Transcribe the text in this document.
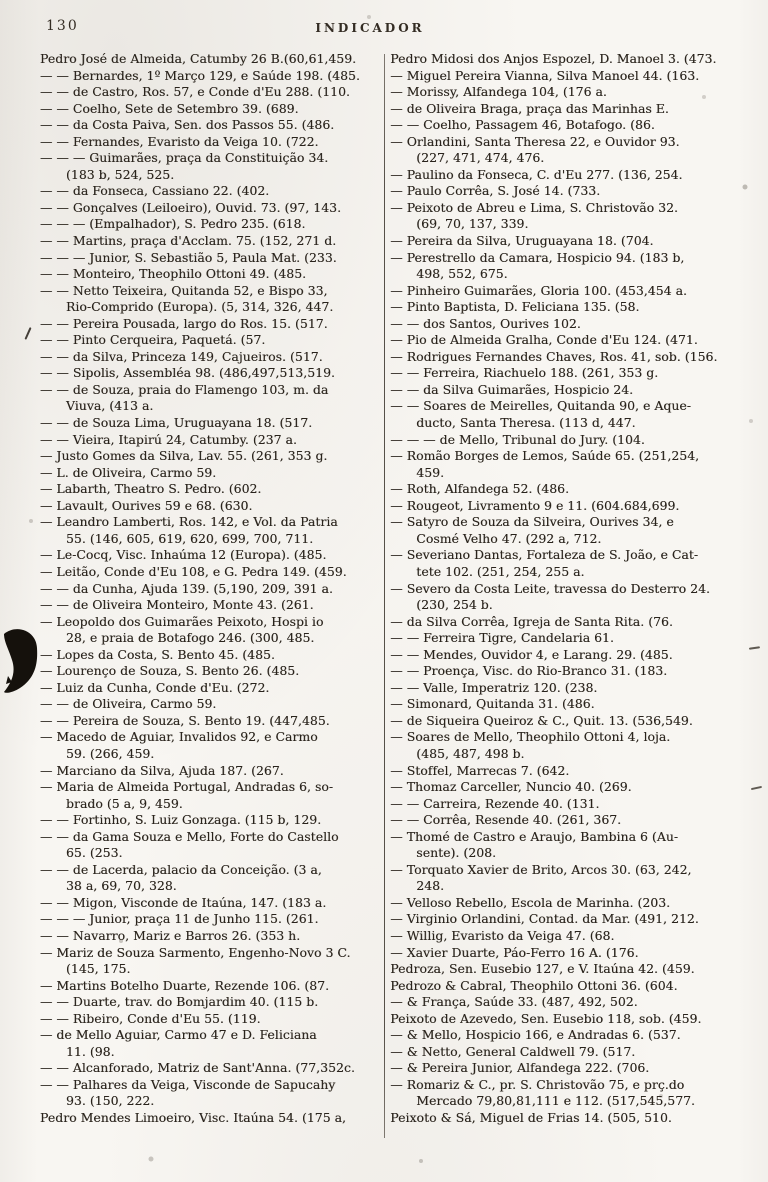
130	INDICADOR
Pedro José de Almeida, Catumby 26 B.(60,61,459.
— — Bernardes, 1º Março 129, e Saúde 198. (485.
— — de Castro, Ros. 57, e Conde d'Eu 288. (110.
— — Coelho, Sete de Setembro 39. (689.
— — da Costa Paiva, Sen. dos Passos 55. (486.
— — Fernandes, Evaristo da Veiga 10. (722.
— — — Guimarães, praça da Constituição 34.
(183 b, 524, 525.
— — da Fonseca, Cassiano 22. (402.
— — Gonçalves (Leiloeiro), Ouvid. 73. (97, 143.
— — — (Empalhador), S. Pedro 235. (618.
— — Martins, praça d'Acclam. 75. (152, 271 d.
— — — Junior, S. Sebastião 5, Paula Mat. (233.
— — Monteiro, Theophilo Ottoni 49. (485.
— — Netto Teixeira, Quitanda 52, e Bispo 33,
Rio-Comprido (Europa). (5, 314, 326, 447.
— — Pereira Pousada, largo do Ros. 15. (517.
— — Pinto Cerqueira, Paquetá. (57.
— — da Silva, Princeza 149, Cajueiros. (517.
— — Sipolis, Assembléa 98. (486,497,513,519.
— — de Souza, praia do Flamengo 103, m. da
Viuva, (413 a.
— — de Souza Lima, Uruguayana 18. (517.
— — Vieira, Itapirú 24, Catumby. (237 a.
— Justo Gomes da Silva, Lav. 55. (261, 353 g.
— L. de Oliveira, Carmo 59.
— Labarth, Theatro S. Pedro. (602.
— Lavault, Ourives 59 e 68. (630.
— Leandro Lamberti, Ros. 142, e Vol. da Patria
55. (146, 605, 619, 620, 699, 700, 711.
— Le-Cocq, Visc. Inhaúma 12 (Europa). (485.
— Leitão, Conde d'Eu 108, e G. Pedra 149. (459.
— — da Cunha, Ajuda 139. (5,190, 209, 391 a.
— — de Oliveira Monteiro, Monte 43. (261.
— Leopoldo dos Guimarães Peixoto, Hospi io
28, e praia de Botafogo 246. (300, 485.
— Lopes da Costa, S. Bento 45. (485.
— Lourenço de Souza, S. Bento 26. (485.
— Luiz da Cunha, Conde d'Eu. (272.
— — de Oliveira, Carmo 59.
— — Pereira de Souza, S. Bento 19. (447,485.
— Macedo de Aguiar, Invalidos 92, e Carmo
59. (266, 459.
— Marciano da Silva, Ajuda 187. (267.
— Maria de Almeida Portugal, Andradas 6, so-
brado (5 a, 9, 459.
— — Fortinho, S. Luiz Gonzaga. (115 b, 129.
— — da Gama Souza e Mello, Forte do Castello
65. (253.
— — de Lacerda, palacio da Conceição. (3 a,
38 a, 69, 70, 328.
— — Migon, Visconde de Itaúna, 147. (183 a.
— — — Junior, praça 11 de Junho 115. (261.
— — Navarro, Mariz e Barros 26. (353 h.
— Mariz de Souza Sarmento, Engenho-Novo 3 C.
(145, 175.
— Martins Botelho Duarte, Rezende 106. (87.
— — Duarte, trav. do Bomjardim 40. (115 b.
— — Ribeiro, Conde d'Eu 55. (119.
— de Mello Aguiar, Carmo 47 e D. Feliciana
11. (98.
— — Alcanforado, Matriz de Sant'Anna. (77,352c.
— — Palhares da Veiga, Visconde de Sapucahy
93. (150, 222.
Pedro Mendes Limoeiro, Visc. Itaúna 54. (175 a,
Pedro Midosi dos Anjos Espozel, D. Manoel 3. (473.
— Miguel Pereira Vianna, Silva Manoel 44. (163.
— Morissy, Alfandega 104, (176 a.
— de Oliveira Braga, praça das Marinhas E.
— — Coelho, Passagem 46, Botafogo. (86.
— Orlandini, Santa Theresa 22, e Ouvidor 93.
(227, 471, 474, 476.
— Paulino da Fonseca, C. d'Eu 277. (136, 254.
— Paulo Corrêa, S. José 14. (733.
— Peixoto de Abreu e Lima, S. Christovão 32.
(69, 70, 137, 339.
— Pereira da Silva, Uruguayana 18. (704.
— Perestrello da Camara, Hospicio 94. (183 b,
498, 552, 675.
— Pinheiro Guimarães, Gloria 100. (453,454 a.
— Pinto Baptista, D. Feliciana 135. (58.
— — dos Santos, Ourives 102.
— Pio de Almeida Gralha, Conde d'Eu 124. (471.
— Rodrigues Fernandes Chaves, Ros. 41, sob. (156.
— — Ferreira, Riachuelo 188. (261, 353 g.
— — da Silva Guimarães, Hospicio 24.
— — Soares de Meirelles, Quitanda 90, e Aque-
ducto, Santa Theresa. (113 d, 447.
— — — de Mello, Tribunal do Jury. (104.
— Romão Borges de Lemos, Saúde 65. (251,254,
459.
— Roth, Alfandega 52. (486.
— Rougeot, Livramento 9 e 11. (604.684,699.
— Satyro de Souza da Silveira, Ourives 34, e
Cosmé Velho 47. (292 a, 712.
— Severiano Dantas, Fortaleza de S. João, e Cat-
tete 102. (251, 254, 255 a.
— Severo da Costa Leite, travessa do Desterro 24.
(230, 254 b.
— da Silva Corrêa, Igreja de Santa Rita. (76.
— — Ferreira Tigre, Candelaria 61.
— — Mendes, Ouvidor 4, e Larang. 29. (485.
— — Proença, Visc. do Rio-Branco 31. (183.
— — Valle, Imperatriz 120. (238.
— Simonard, Quitanda 31. (486.
— de Siqueira Queiroz & C., Quit. 13. (536,549.
— Soares de Mello, Theophilo Ottoni 4, loja.
(485, 487, 498 b.
— Stoffel, Marrecas 7. (642.
— Thomaz Carceller, Nuncio 40. (269.
— — Carreira, Rezende 40. (131.
— — Corrêa, Resende 40. (261, 367.
— Thomé de Castro e Araujo, Bambina 6 (Au-
sente). (208.
— Torquato Xavier de Brito, Arcos 30. (63, 242,
248.
— Velloso Rebello, Escola de Marinha. (203.
— Virginio Orlandini, Contad. da Mar. (491, 212.
— Willig, Evaristo da Veiga 47. (68.
— Xavier Duarte, Páo-Ferro 16 A. (176.
Pedroza, Sen. Eusebio 127, e V. Itaúna 42. (459.
Pedrozo & Cabral, Theophilo Ottoni 36. (604.
— & França, Saúde 33. (487, 492, 502.
Peixoto de Azevedo, Sen. Eusebio 118, sob. (459.
— & Mello, Hospicio 166, e Andradas 6. (537.
— & Netto, General Caldwell 79. (517.
— & Pereira Junior, Alfandega 222. (706.
— Romariz & C., pr. S. Christovão 75, e prç.do
Mercado 79,80,81,111 e 112. (517,545,577.
Peixoto & Sá, Miguel de Frias 14. (505, 510.
